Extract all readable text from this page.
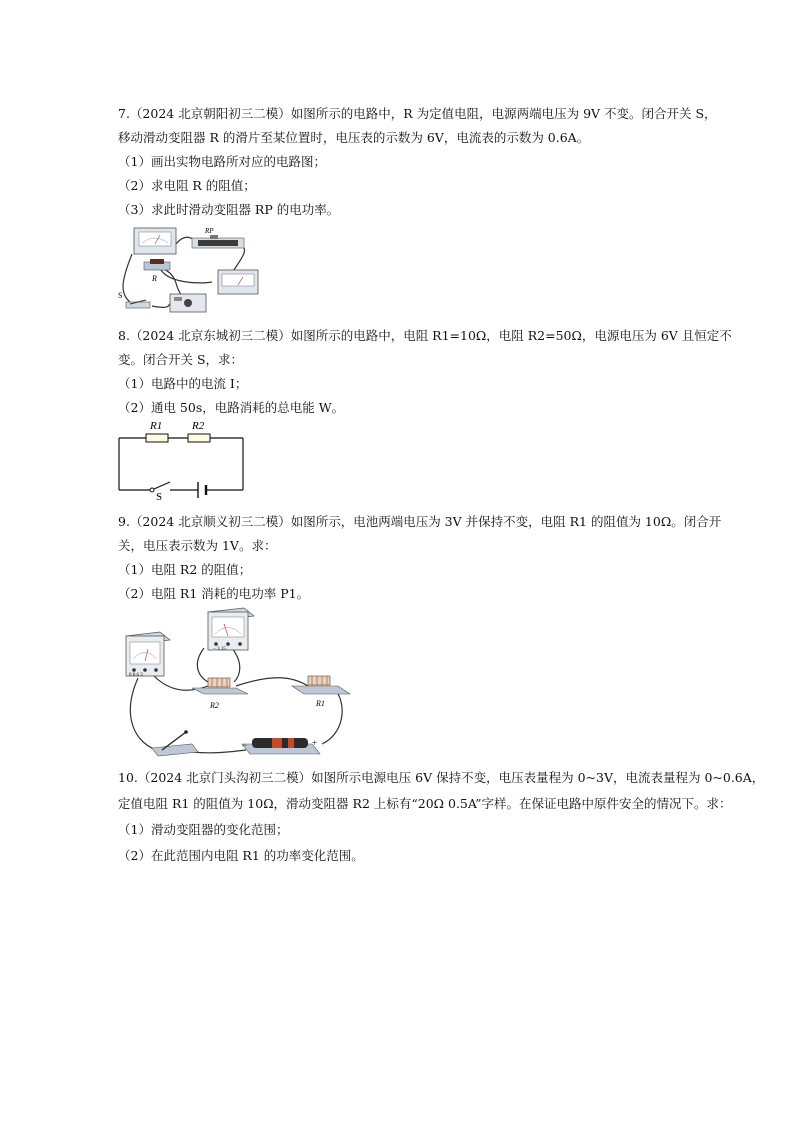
7.（2024 北京朝阳初三二模）如图所示的电路中，R 为定值电阻，电源两端电压为 9V 不变。闭合开关 S，
移动滑动变阻器 R 的滑片至某位置时，电压表的示数为 6V，电流表的示数为 0.6A。
（1）画出实物电路所对应的电路图；
（2）求电阻 R 的阻值；
（3）求此时滑动变阻器 RP 的电功率。
R
RP
S
8.（2024 北京东城初三二模）如图所示的电路中，电阻 R1=10Ω，电阻 R2=50Ω，电源电压为 6V 且恒定不
变。闭合开关 S，求：
（1）电路中的电流 I；
（2）通电 50s，电路消耗的总电能 W。
R1	R2
S
9.（2024 北京顺义初三二模）如图所示，电池两端电压为 3V 并保持不变，电阻 R1 的阻值为 10Ω。闭合开
关，电压表示数为 1V。求：
（1）电阻 R2 的阻值；
（2）电阻 R1 消耗的电功率 P1。
0 0.6 3
− 3 15
R2	R1
−	+
10.（2024 北京门头沟初三二模）如图所示电源电压 6V 保持不变，电压表量程为 0~3V，电流表量程为 0~0.6A，
定值电阻 R1 的阻值为 10Ω，滑动变阻器 R2 上标有“20Ω 0.5A”字样。在保证电路中原件安全的情况下。求：
（1）滑动变阻器的变化范围；
（2）在此范围内电阻 R1 的功率变化范围。
